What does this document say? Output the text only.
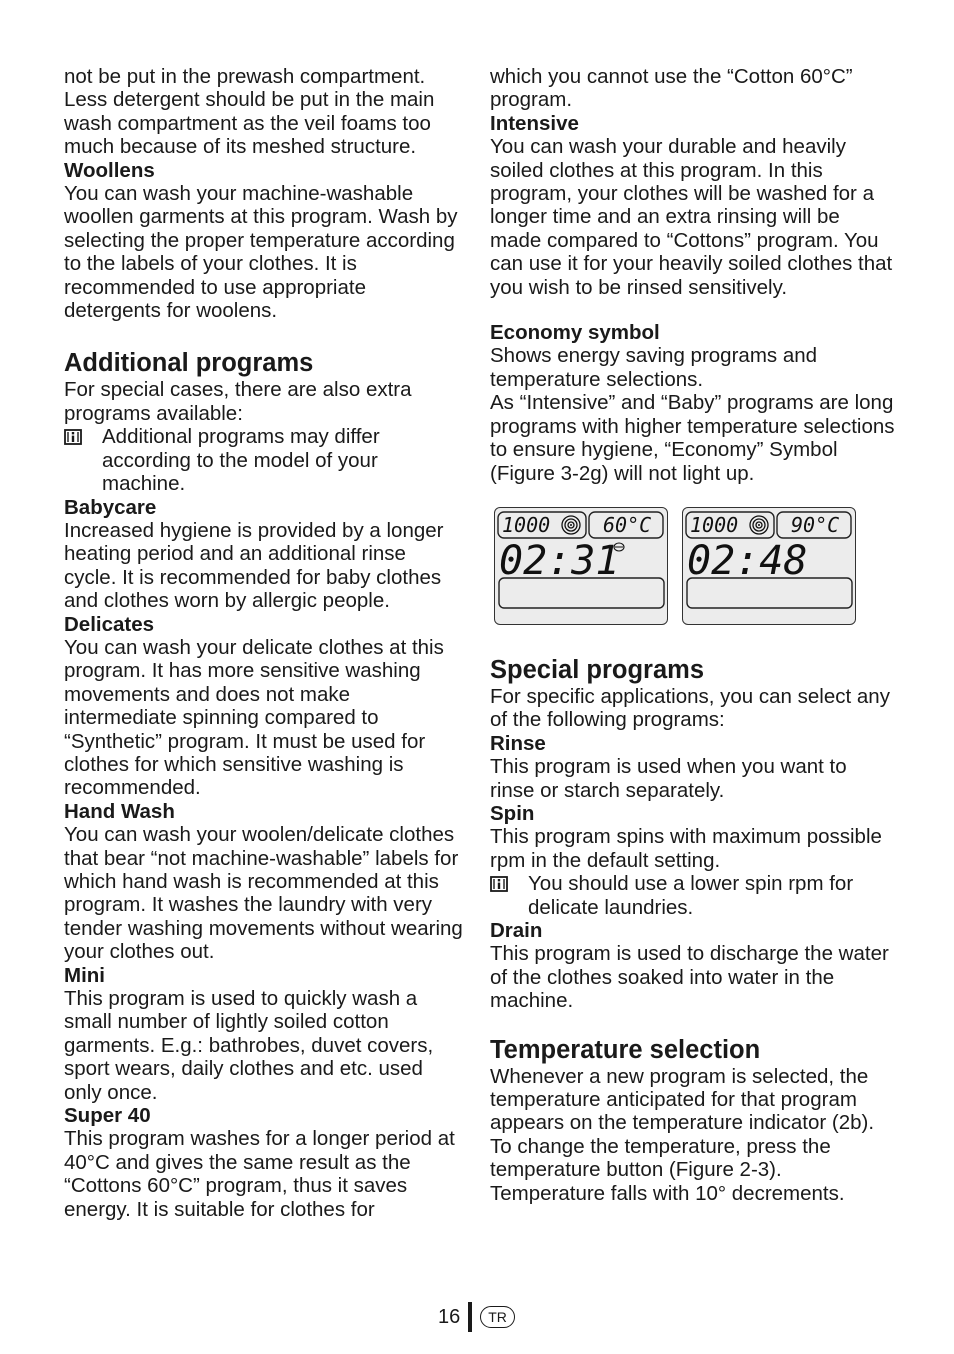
not be put in the prewash compartment. Less detergent should be put in the main wash compartment as the veil foams too much because of its meshed structure.

Woollens

You can wash your machine-washable woollen garments at this program. Wash by selecting the proper temperature according to the labels of your clothes. It is recommended to use appropriate detergents for woolens.

Additional programs

For special cases, there are also extra programs available:

Additional programs may differ according to the model of your machine.

Babycare

Increased hygiene is provided by a longer heating period and an additional rinse cycle. It is recommended for baby clothes and clothes worn by allergic people.

Delicates

You can wash your delicate clothes at this program. It has more sensitive washing movements and does not make intermediate spinning compared to “Synthetic” program. It must be used for clothes for which sensitive washing is recommended.

Hand Wash

You can wash your woolen/delicate clothes that bear “not machine-washable” labels for which hand wash is recommended at this program. It washes the laundry with very tender washing movements without wearing your clothes out.

Mini

This program is used to quickly wash a small number of lightly soiled cotton garments. E.g.: bathrobes, duvet covers, sport wears, daily clothes and etc. used only once.

Super 40

This program washes for a longer period at 40°C and gives the same result as the “Cottons 60°C” program, thus it saves energy. It is suitable for clothes for

which you cannot use the “Cotton 60°C” program.

Intensive

You can wash your durable and heavily soiled clothes at this program. In this program, your clothes will be washed for a longer time and an extra rinsing will be made compared to “Cottons” program. You can use it for your heavily soiled clothes that you wish to be rinsed sensitively.

Economy symbol

Shows energy saving programs and temperature selections.

As “Intensive” and “Baby” programs are long programs with higher temperature selections to ensure hygiene, “Economy” Symbol (Figure 3-2g) will not light up.

1000	60°C
02:31
1000	90°C
02:48
Special programs

For specific applications, you can select any of the following programs:

Rinse

This program is used when you want to rinse or starch separately.

Spin

This program spins with maximum possible rpm in the default setting.

You should use a lower spin rpm for delicate laundries.

Drain

This program is used to discharge the water of the clothes soaked into water in the machine.

Temperature selection

Whenever a new program is selected, the temperature anticipated for that program appears on the temperature indicator (2b).

To change the temperature, press the temperature button (Figure 2-3). Temperature falls with 10° decrements.

16	TR
